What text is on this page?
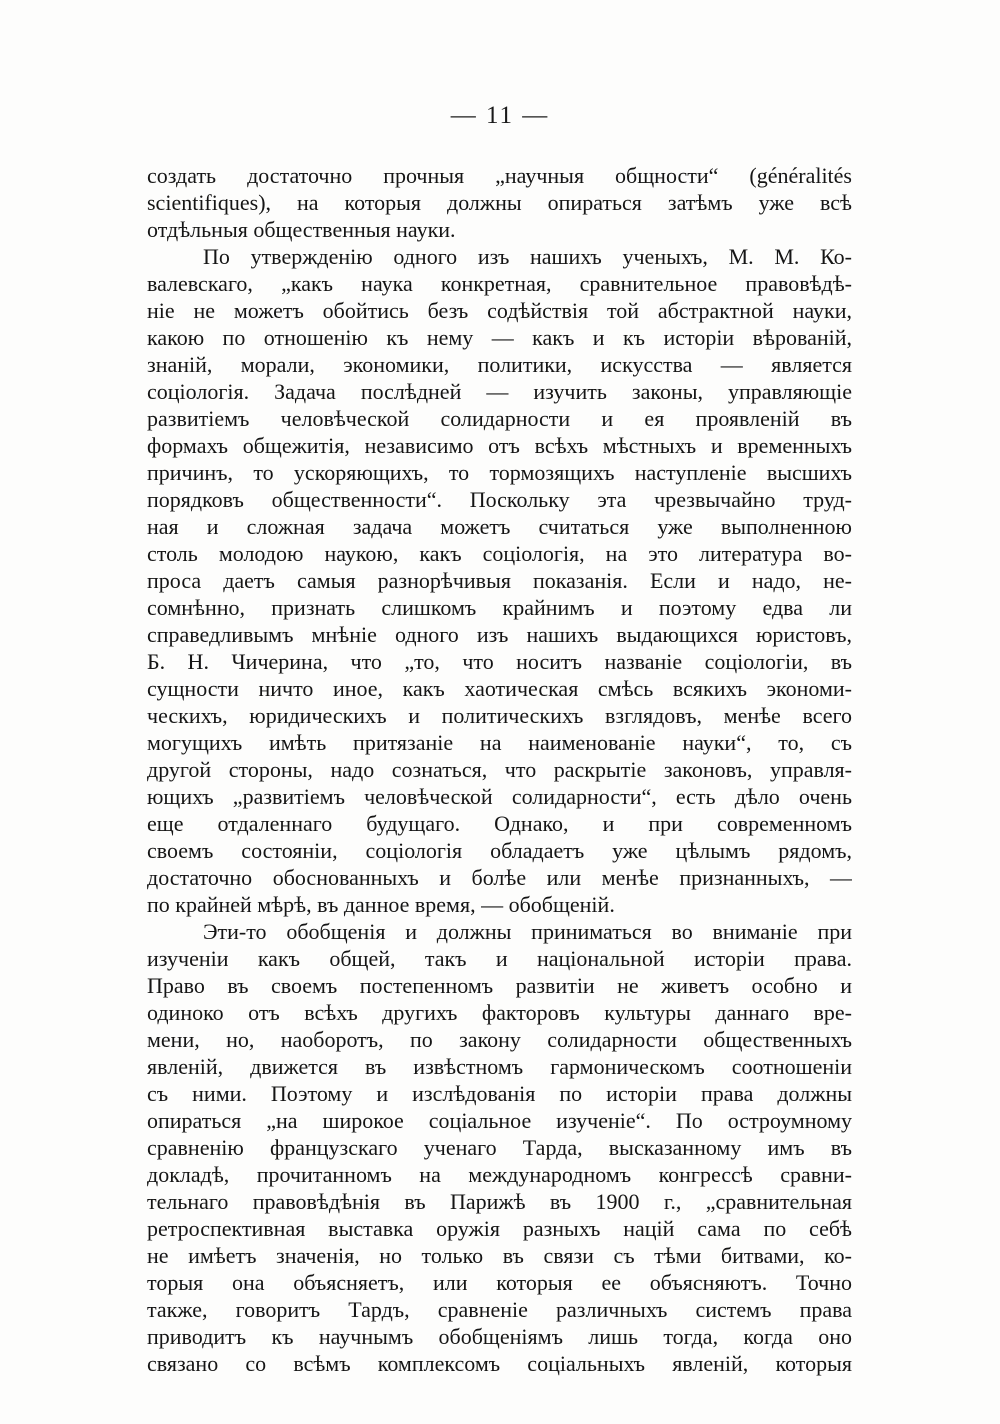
— 11 —
создать достаточно прочныя „научныя общности“ (généralités
scientifiques), на которыя должны опираться затѣмъ уже всѣ
отдѣльныя общественныя науки.
По утвержденію одного изъ нашихъ ученыхъ, М. М. Ко-
валевскаго, „какъ наука конкретная, сравнительное правовѣдѣ-
ніе не можетъ обойтись безъ содѣйствія той абстрактной науки,
какою по отношенію къ нему — какъ и къ исторіи вѣрованій,
знаній, морали, экономики, политики, искусства — является
соціологія. Задача послѣдней — изучить законы, управляющіе
развитіемъ человѣческой солидарности и ея проявленій въ
формахъ общежитія, независимо отъ всѣхъ мѣстныхъ и временныхъ
причинъ, то ускоряющихъ, то тормозящихъ наступленіе высшихъ
порядковъ общественности“. Поскольку эта чрезвычайно труд-
ная и сложная задача можетъ считаться уже выполненною
столь молодою наукою, какъ соціологія, на это литература во-
проса даетъ самыя разнорѣчивыя показанія. Если и надо, не-
сомнѣнно, признать слишкомъ крайнимъ и поэтому едва ли
справедливымъ мнѣніе одного изъ нашихъ выдающихся юристовъ,
Б. Н. Чичерина, что „то, что носитъ названіе соціологіи, въ
сущности ничто иное, какъ хаотическая смѣсь всякихъ экономи-
ческихъ, юридическихъ и политическихъ взглядовъ, менѣе всего
могущихъ имѣть притязаніе на наименованіе науки“, то, съ
другой стороны, надо сознаться, что раскрытіе законовъ, управля-
ющихъ „развитіемъ человѣческой солидарности“, есть дѣло очень
еще отдаленнаго будущаго. Однако, и при современномъ
своемъ состояніи, соціологія обладаетъ уже цѣлымъ рядомъ,
достаточно обоснованныхъ и болѣе или менѣе признанныхъ, —
по крайней мѣрѣ, въ данное время, — обобщеній.
Эти-то обобщенія и должны приниматься во вниманіе при
изученіи какъ общей, такъ и національной исторіи права.
Право въ своемъ постепенномъ развитіи не живетъ особно и
одиноко отъ всѣхъ другихъ факторовъ культуры даннаго вре-
мени, но, наоборотъ, по закону солидарности общественныхъ
явленій, движется въ извѣстномъ гармоническомъ соотношеніи
съ ними. Поэтому и изслѣдованія по исторіи права должны
опираться „на широкое соціальное изученіе“. По остроумному
сравненію французскаго ученаго Тарда, высказанному имъ въ
докладѣ, прочитанномъ на международномъ конгрессѣ сравни-
тельнаго правовѣдѣнія въ Парижѣ въ 1900 г., „сравнительная
ретроспективная выставка оружія разныхъ націй сама по себѣ
не имѣетъ значенія, но только въ связи съ тѣми битвами, ко-
торыя она объясняетъ, или которыя ее объясняютъ. Точно
также, говоритъ Тардъ, сравненіе различныхъ системъ права
приводитъ къ научнымъ обобщеніямъ лишь тогда, когда оно
связано со всѣмъ комплексомъ соціальныхъ явленій, которыя
